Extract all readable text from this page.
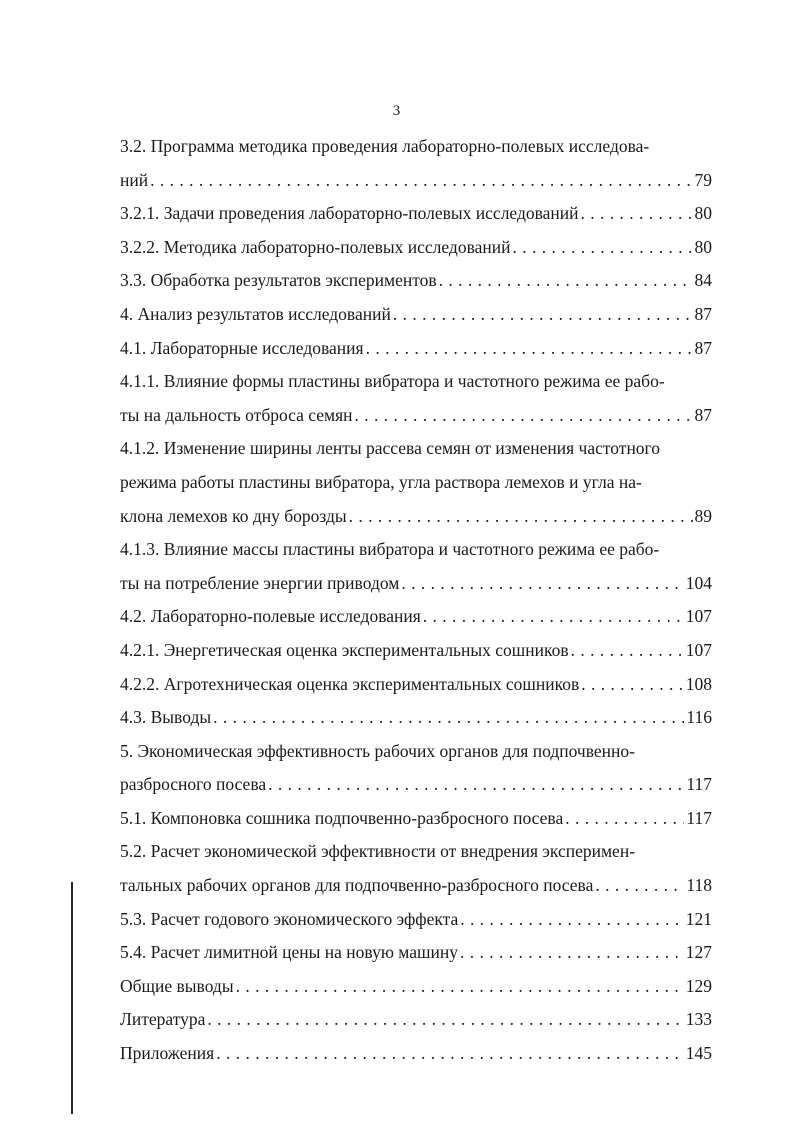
3
3.2. Программа методика проведения лабораторно-полевых исследова-
ний . . .	79
3.2.1. Задачи проведения лабораторно-полевых исследований . . .	80
3.2.2. Методика лабораторно-полевых исследований . . .	80
3.3. Обработка результатов экспериментов . . .	84
4. Анализ результатов исследований . . .	87
4.1. Лабораторные исследования . . .	87
4.1.1. Влияние формы пластины вибратора и частотного режима ее рабо-
ты на дальность отброса семян . . .	87
4.1.2. Изменение ширины ленты рассева семян от изменения частотного
режима работы пластины вибратора, угла раствора лемехов и угла на-
клона лемехов ко дну борозды . . .	89
4.1.3. Влияние массы пластины вибратора и частотного режима ее рабо-
ты на потребление энергии приводом . . .	104
4.2. Лабораторно-полевые исследования . . .	107
4.2.1. Энергетическая оценка экспериментальных сошников . . .	107
4.2.2. Агротехническая оценка экспериментальных сошников . . .	108
4.3. Выводы . . .	116
5. Экономическая эффективность рабочих органов для подпочвенно-
разбросного посева . . .	117
5.1. Компоновка сошника подпочвенно-разбросного посева . . .	117
5.2. Расчет экономической эффективности от внедрения эксперимен-
тальных рабочих органов для подпочвенно-разбросного посева . . .	118
5.3. Расчет годового экономического эффекта . . .	121
5.4. Расчет лимитной цены на новую машину . . .	127
Общие выводы . . .	129
Литература . . .	133
Приложения . . .	145
